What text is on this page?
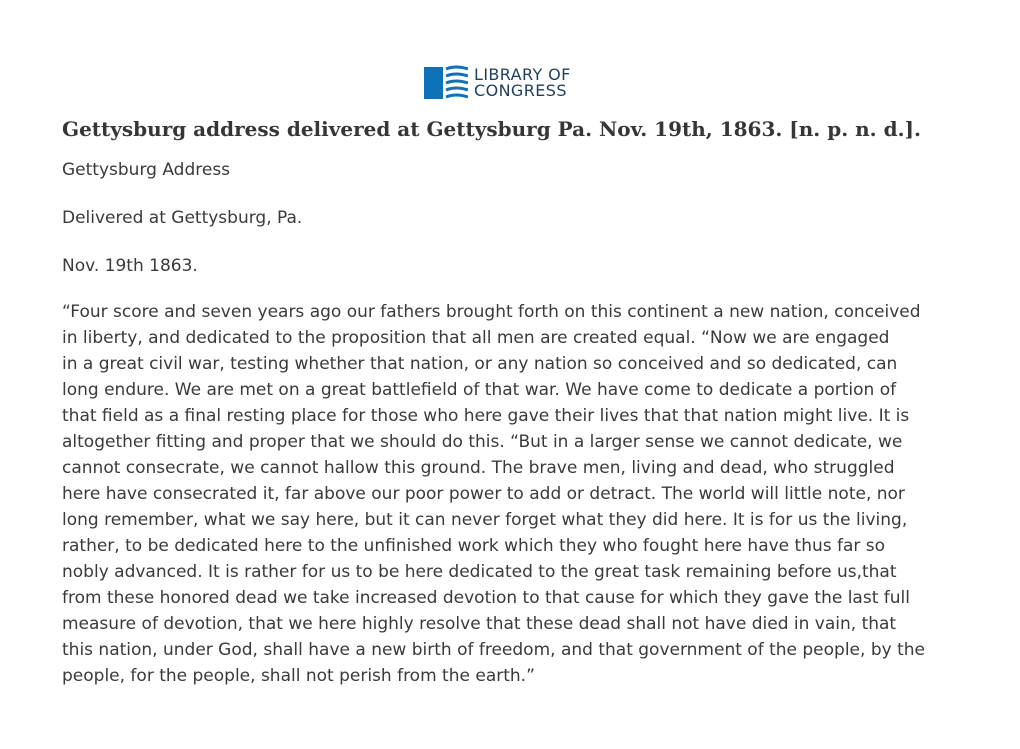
LIBRARY OF
CONGRESS
Gettysburg address delivered at Gettysburg Pa. Nov. 19th, 1863. [n. p. n. d.].

Gettysburg Address

Delivered at Gettysburg, Pa.

Nov. 19th 1863.

“Four score and seven years ago our fathers brought forth on this continent a new nation, conceived
in liberty, and dedicated to the proposition that all men are created equal. “Now we are engaged
in a great civil war, testing whether that nation, or any nation so conceived and so dedicated, can
long endure. We are met on a great battlefield of that war. We have come to dedicate a portion of
that field as a final resting place for those who here gave their lives that that nation might live. It is
altogether fitting and proper that we should do this. “But in a larger sense we cannot dedicate, we
cannot consecrate, we cannot hallow this ground. The brave men, living and dead, who struggled
here have consecrated it, far above our poor power to add or detract. The world will little note, nor
long remember, what we say here, but it can never forget what they did here. It is for us the living,
rather, to be dedicated here to the unfinished work which they who fought here have thus far so
nobly advanced. It is rather for us to be here dedicated to the great task remaining before us,that
from these honored dead we take increased devotion to that cause for which they gave the last full
measure of devotion, that we here highly resolve that these dead shall not have died in vain, that
this nation, under God, shall have a new birth of freedom, and that government of the people, by the
people, for the people, shall not perish from the earth.”
